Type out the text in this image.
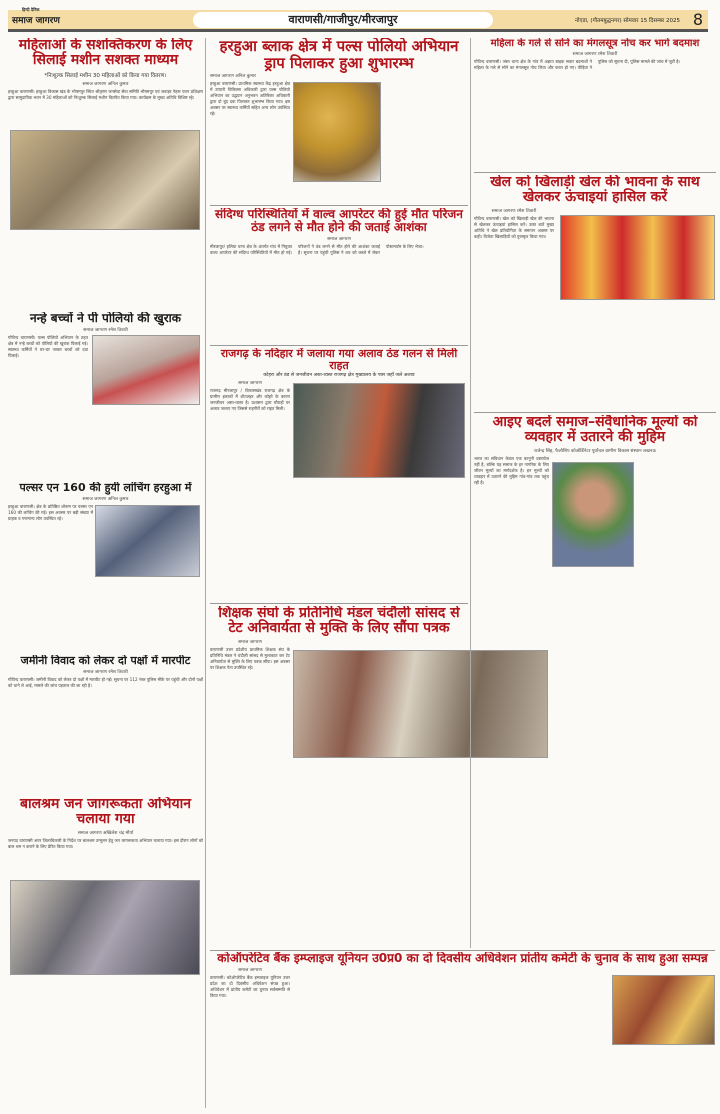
हिन्दी दैनिक
समाज जागरण	वाराणसी/गाजीपुर/मीरजापुर	नोएडा, (गौतमबुद्धनगर) सोमवार 15 दिसम्बर 2025 8
महिलाओं के सशक्तिकरण के लिए सिलाई मशीन सशक्त माध्यम
*निःशुल्क सिलाई मशीन 30 महिलाओं को किया गया वितरण।
समाज जागरण अनिल कुमार
हरहुआ वाराणसी। हरहुआ विकास खंड के भीषमपुर स्थित श्रीकृष्ण जनसेवा सेवा समिति भीषमपुर एवं जवाहर नेहरू पवन प्रशिक्षण द्वारा सामुदायिक भवन में 30 महिलाओं को निःशुल्क सिलाई मशीन वितरित किया गया। कार्यक्रम के मुख्य अतिथि विशिष्ट रहे।
नन्हे बच्चों ने पी पोलियो की खुराक
समाज जागरण रमेश तिवारी
गोविन्द वाराणसी। पल्स पोलियो अभियान के तहत क्षेत्र में नन्हे बच्चों को पोलियो की खुराक पिलाई गई। स्वास्थ्य कर्मियों ने घर-घर जाकर बच्चों को दवा पिलाई।
पल्सर एन 160 की हुयी लांचिंग हरहुआ में
समाज जागरण अनिल कुमार
हरहुआ वाराणसी। क्षेत्र के प्रतिष्ठित शोरूम पर पल्सर एन 160 की लांचिंग की गई। इस अवसर पर बड़ी संख्या में ग्राहक व गणमान्य लोग उपस्थित रहे।
जमीनी विवाद को लेकर दो पक्षों में मारपीट
समाज जागरण रमेश तिवारी
गोविन्द वाराणसी। जमीनी विवाद को लेकर दो पक्षों में मारपीट हो गई। सूचना पर 112 नंबर पुलिस मौके पर पहुंची और दोनों पक्षों को थाने ले आई, मामले की जांच पड़ताल की जा रही है।
बालश्रम जन जागरूकता अभियान चलाया गया
समाज जागरण अखिलेश चंद्र मौर्या
जनपद वाराणसी अपर जिलाधिकारी के निर्देश पर बालश्रम उन्मूलन हेतु जन जागरूकता अभियान चलाया गया। इस दौरान लोगों को बाल श्रम न कराने के लिए प्रेरित किया गया।
हरहुआ ब्लाक क्षेत्र में पल्स पोलियो अभियान ड्राप पिलाकर हुआ शुभारम्भ
समाज जागरण अनिल कुमार
हरहुआ वाराणसी। प्राथमिक स्वास्थ्य केंद्र हरहुआ क्षेत्र में उप्पारी चिकित्सा अधिकारी द्वारा पल्स पोलियो अभियान का उद्घाटन अनुभवन अतिरिक्त अधिकारी द्वारा दो बूंद दवा पिलाकर शुभारम्भ किया गया। इस अवसर पर स्वास्थ्य कर्मियों सहित अन्य लोग उपस्थित रहे।
संदिग्ध परिस्थितियों में वाल्व आपरेटर की हुई मौत परिजन ठंड लगने से मौत होने की जताई आशंका
समाज जागरण
मीरजापुर/ हलिया थाना क्षेत्र के अंतर्गत गांव में नियुक्त वाल्व आपरेटर की संदिग्ध परिस्थितियों में मौत हो गई। परिजनों ने ठंड लगने से मौत होने की आशंका जताई है। सूचना पर पहुंची पुलिस ने शव को कब्जे में लेकर पोस्टमार्टम के लिए भेजा।
राजगढ़ के नदिहार में जलाया गया अलाव ठंड गलन से मिली राहत
कोहरा और ठंड से जनजीवन अस्त-व्यस्त राजगढ़ क्षेत्र मुख्यालय के पास जहाँ जले अलाव
समाज जागरण
राजगढ़ मीरजापुर / विकासखंड राजगढ़ क्षेत्र के ग्रामीण इलाकों में शीतलहर और कोहरे के कारण जनजीवन अस्त-व्यस्त है। प्रशासन द्वारा चौराहों पर अलाव जलाए गए जिससे राहगीरों को राहत मिली।
शिक्षक संघो के प्रतिनिधि मंडल चंदौली सांसद से टेट अनिवार्यता से मुक्ति के लिए सौंपा पत्रक
समाज जागरण
वाराणसी उत्तर प्रदेशीय प्राथमिक शिक्षक संघ के प्रतिनिधि मंडल ने चंदौली सांसद से मुलाकात कर टेट अनिवार्यता से मुक्ति के लिए पत्रक सौंपा। इस अवसर पर शिक्षक नेता उपस्थित रहे।
कोऑपरेटिव बैंक इम्प्लाइज यूनियन उ0प्र0 का दो दिवसीय अधिवेशन प्रांतीय कमेटी के चुनाव के साथ हुआ सम्पन्न
समाज जागरण
वाराणसी। कोऑपरेटिव बैंक इम्प्लाइज यूनियन उत्तर प्रदेश का दो दिवसीय अधिवेशन संपन्न हुआ। अधिवेशन में प्रांतीय कमेटी का चुनाव सर्वसम्मति से किया गया।
महिला के गले से सोने का मंगलसूत्र नोच कर भागे बदमाश
समाज जागरण रमेश तिवारी
गोविन्द वाराणसी। जंसा थाना क्षेत्र के गांव में अज्ञात बाइक सवार बदमाशों ने महिला के गले से सोने का मंगलसूत्र नोच लिया और फरार हो गए। पीड़िता ने पुलिस को सूचना दी, पुलिस मामले की जांच में जुटी है।
खेल को खिलाड़ी खेल की भावना के साथ खेलकर ऊंचाइयां हासिल करें
समाज जागरण रमेश तिवारी
गोविन्द वाराणसी। खेल को खिलाड़ी खेल की भावना से खेलकर ऊंचाइयां हासिल करें। उक्त बातें मुख्य अतिथि ने खेल प्रतियोगिता के समापन अवसर पर कही। विजेता खिलाड़ियों को पुरस्कृत किया गया।
आइए बदलें समाज–संवैधानिक मूल्यों को व्यवहार में उतारने की मुहिम
राजेन्द्र सिंह, फैलोशिप कोऑर्डिनेटर पूर्वांचल ग्रामीण विकास संस्थान लखनऊ
भारत का संविधान केवल एक कानूनी दस्तावेज नहीं है, बल्कि यह समाज के हर नागरिक के लिए जीवन मूल्यों का मार्गदर्शक है। इन मूल्यों को व्यवहार में उतारने की मुहिम गांव-गांव तक पहुंच रही है।
